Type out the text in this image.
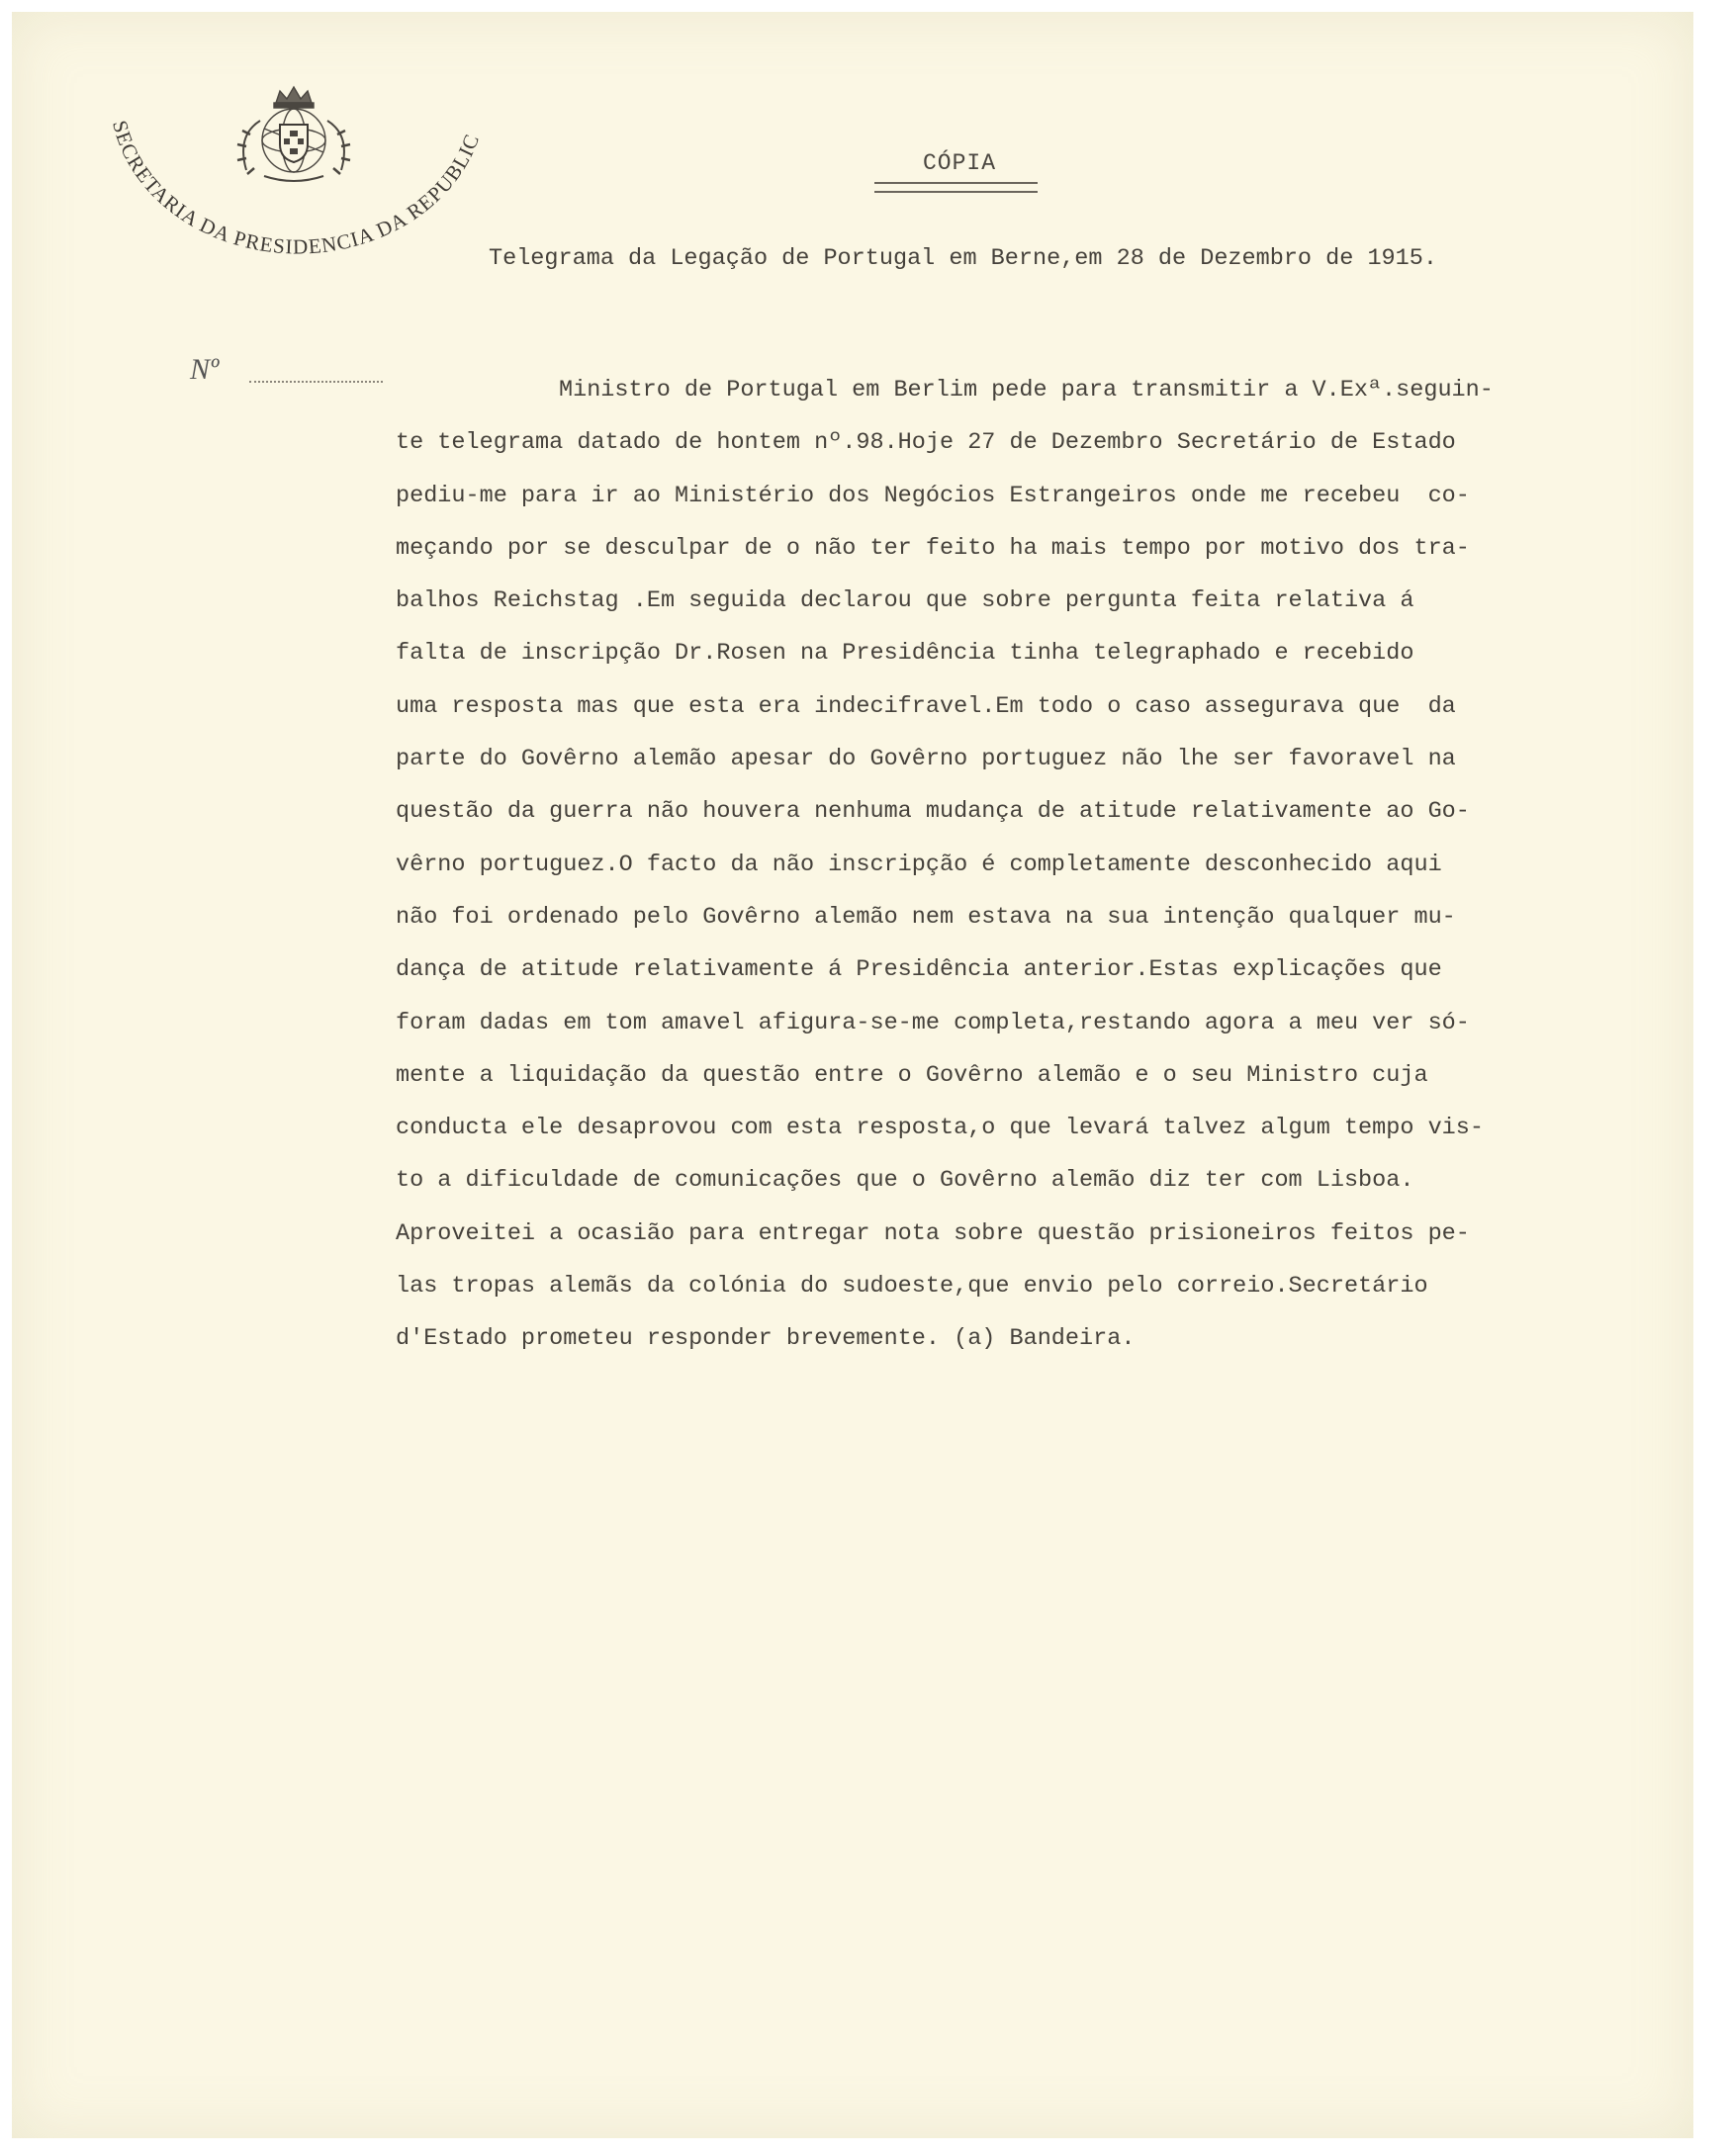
SECRETARIA DA PRESIDENCIA DA REPUBLIC
Nº
CÓPIA
Telegrama da Legação de Portugal em Berne,em 28 de Dezembro de 1915.
Ministro de Portugal em Berlim pede para transmitir a V.Exª.seguin-
te telegrama datado de hontem nº.98.Hoje 27 de Dezembro Secretário de Estado
pediu-me para ir ao Ministério dos Negócios Estrangeiros onde me recebeu  co-
meçando por se desculpar de o não ter feito ha mais tempo por motivo dos tra-
balhos Reichstag .Em seguida declarou que sobre pergunta feita relativa á
falta de inscripção Dr.Rosen na Presidência tinha telegraphado e recebido
uma resposta mas que esta era indecifravel.Em todo o caso assegurava que  da
parte do Govêrno alemão apesar do Govêrno portuguez não lhe ser favoravel na
questão da guerra não houvera nenhuma mudança de atitude relativamente ao Go-
vêrno portuguez.O facto da não inscripção é completamente desconhecido aqui
não foi ordenado pelo Govêrno alemão nem estava na sua intenção qualquer mu-
dança de atitude relativamente á Presidência anterior.Estas explicações que
foram dadas em tom amavel afigura-se-me completa,restando agora a meu ver só-
mente a liquidação da questão entre o Govêrno alemão e o seu Ministro cuja
conducta ele desaprovou com esta resposta,o que levará talvez algum tempo vis-
to a dificuldade de comunicações que o Govêrno alemão diz ter com Lisboa.
Aproveitei a ocasião para entregar nota sobre questão prisioneiros feitos pe-
las tropas alemãs da colónia do sudoeste,que envio pelo correio.Secretário
d'Estado prometeu responder brevemente. (a) Bandeira.
